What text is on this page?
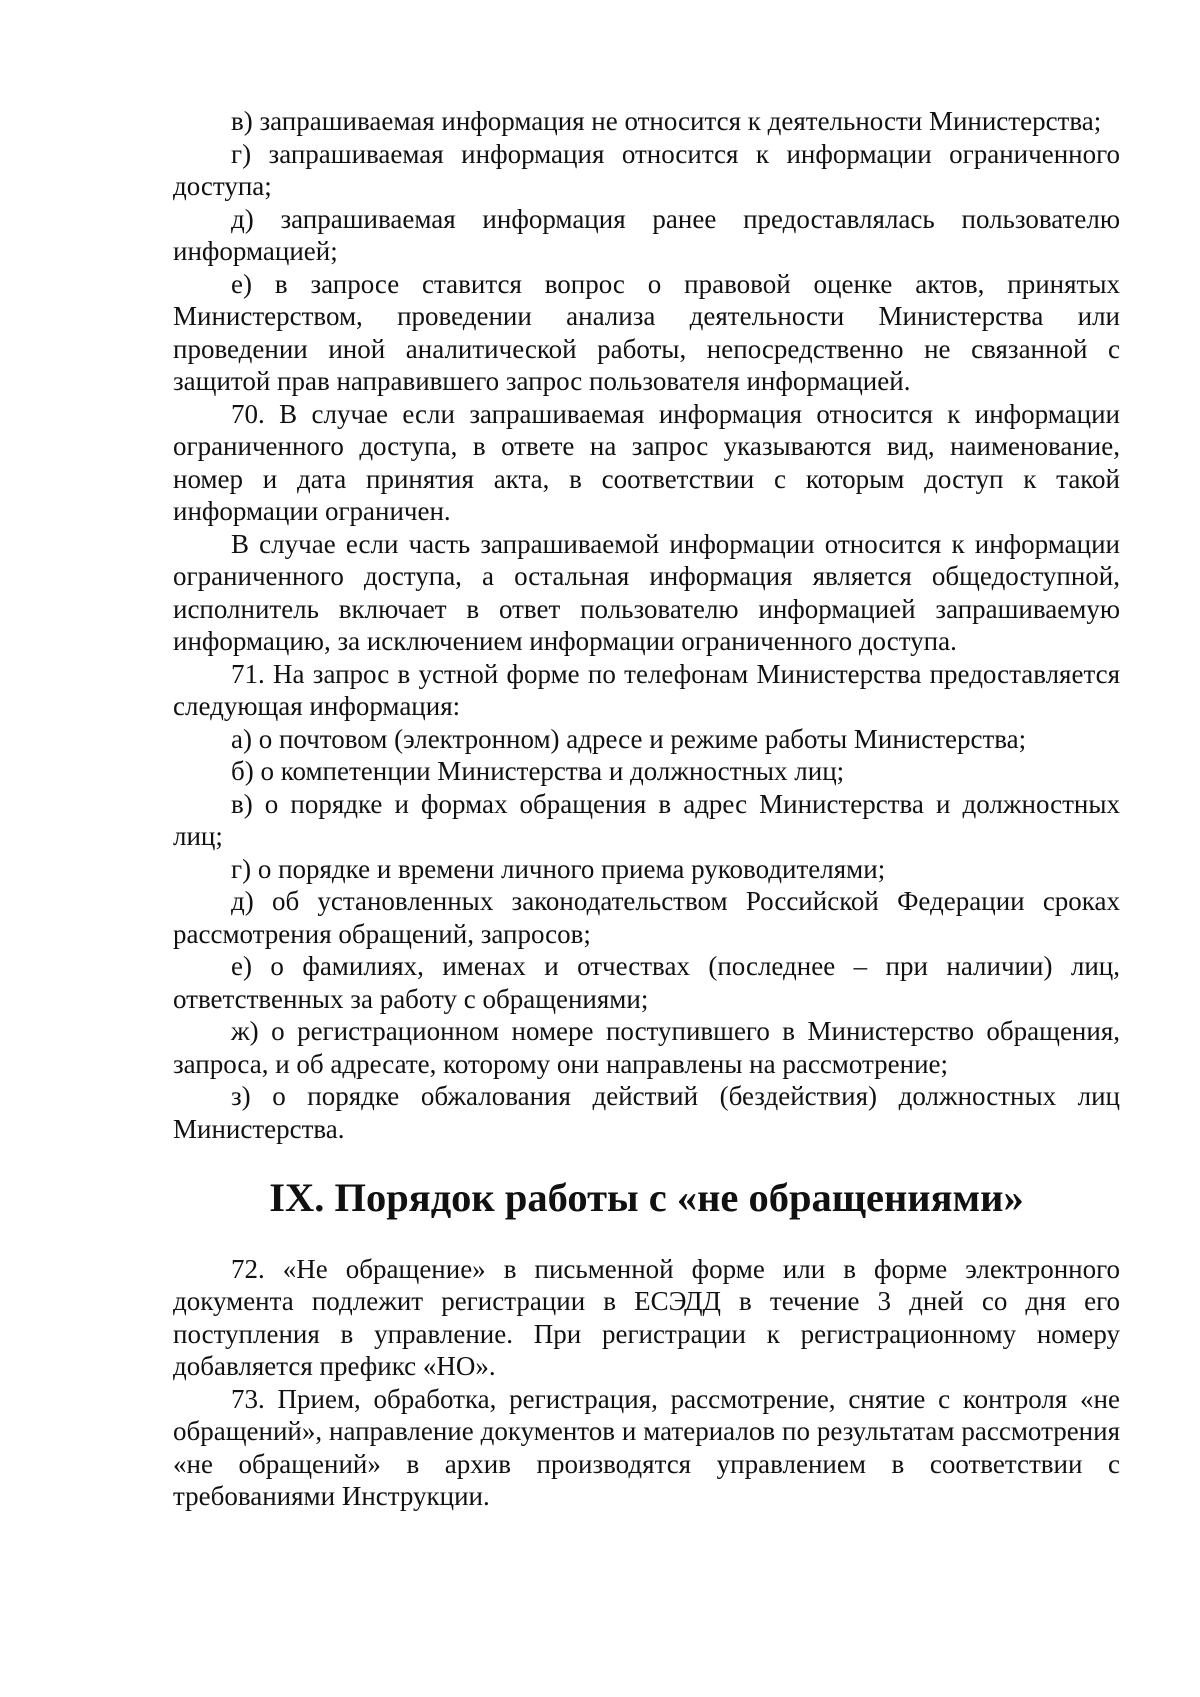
в) запрашиваемая информация не относится к деятельности Министерства;

г) запрашиваемая информация относится к информации ограниченного доступа;

д) запрашиваемая информация ранее предоставлялась пользователю информацией;

е) в запросе ставится вопрос о правовой оценке актов, принятых Министерством, проведении анализа деятельности Министерства или проведении иной аналитической работы, непосредственно не связанной с защитой прав направившего запрос пользователя информацией.

70. В случае если запрашиваемая информация относится к информации ограниченного доступа, в ответе на запрос указываются вид, наименование, номер и дата принятия акта, в соответствии с которым доступ к такой информации ограничен.

В случае если часть запрашиваемой информации относится к информации ограниченного доступа, а остальная информация является общедоступной, исполнитель включает в ответ пользователю информацией запрашиваемую информацию, за исключением информации ограниченного доступа.

71. На запрос в устной форме по телефонам Министерства предоставляется следующая информация:

а) о почтовом (электронном) адресе и режиме работы Министерства;

б) о компетенции Министерства и должностных лиц;

в) о порядке и формах обращения в адрес Министерства и должностных лиц;

г) о порядке и времени личного приема руководителями;

д) об установленных законодательством Российской Федерации сроках рассмотрения обращений, запросов;

е) о фамилиях, именах и отчествах (последнее – при наличии) лиц, ответственных за работу с обращениями;

ж) о регистрационном номере поступившего в Министерство обращения, запроса, и об адресате, которому они направлены на рассмотрение;

з) о порядке обжалования действий (бездействия) должностных лиц Министерства.

IX. Порядок работы с «не обращениями»

72. «Не обращение» в письменной форме или в форме электронного документа подлежит регистрации в ЕСЭДД в течение 3 дней со дня его поступления в управление. При регистрации к регистрационному номеру добавляется префикс «НО».

73. Прием, обработка, регистрация, рассмотрение, снятие с контроля «не обращений», направление документов и материалов по результатам рассмотрения «не обращений» в архив производятся управлением в соответствии с требованиями Инструкции.
